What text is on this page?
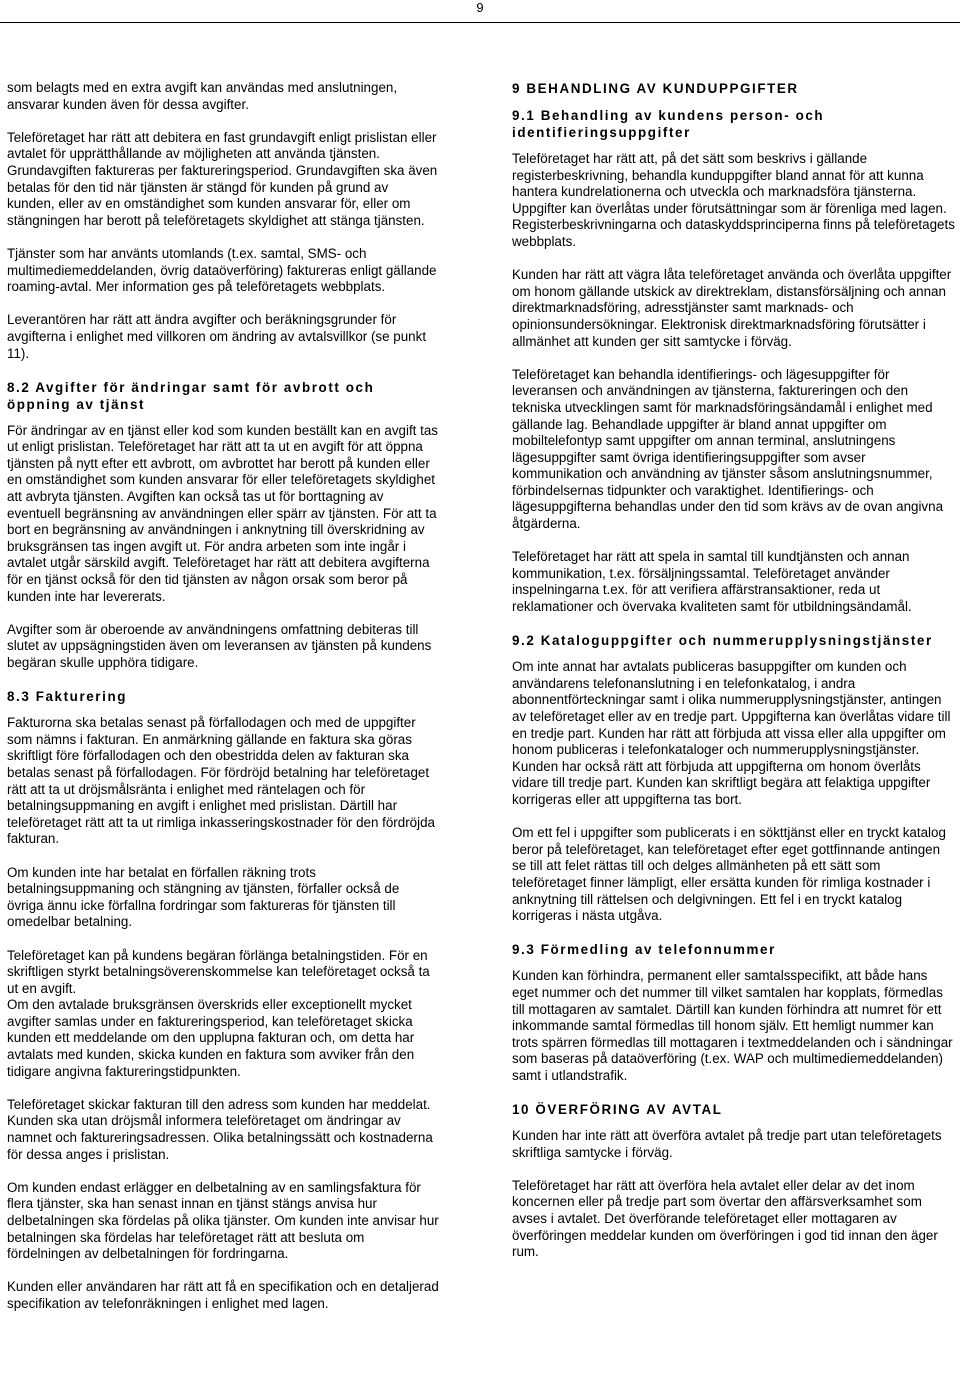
9

som belagts med en extra avgift kan användas med anslutningen, ansvarar kunden även för dessa avgifter.

Teleföretaget har rätt att debitera en fast grundavgift enligt prislistan eller avtalet för upprätthållande av möjligheten att använda tjänsten. Grundavgiften faktureras per faktureringsperiod. Grundavgiften ska även betalas för den tid när tjänsten är stängd för kunden på grund av kunden, eller av en omständighet som kunden ansvarar för, eller om stängningen har berott på teleföretagets skyldighet att stänga tjänsten.

Tjänster som har använts utomlands (t.ex. samtal, SMS- och multimediemeddelanden, övrig dataöverföring) faktureras enligt gällande roaming-avtal. Mer information ges på teleföretagets webbplats.

Leverantören har rätt att ändra avgifter och beräkningsgrunder för avgifterna i enlighet med villkoren om ändring av avtalsvillkor (se punkt 11).

8.2 Avgifter för ändringar samt för avbrott och öppning av tjänst

För ändringar av en tjänst eller kod som kunden beställt kan en avgift tas ut enligt prislistan. Teleföretaget har rätt att ta ut en avgift för att öppna tjänsten på nytt efter ett avbrott, om avbrottet har berott på kunden eller en omständighet som kunden ansvarar för eller teleföretagets skyldighet att avbryta tjänsten. Avgiften kan också tas ut för borttagning av eventuell begränsning av användningen eller spärr av tjänsten. För att ta bort en begränsning av användningen i anknytning till överskridning av bruksgränsen tas ingen avgift ut. För andra arbeten som inte ingår i avtalet utgår särskild avgift. Teleföretaget har rätt att debitera avgifterna för en tjänst också för den tid tjänsten av någon orsak som beror på kunden inte har levererats.

Avgifter som är oberoende av användningens omfattning debiteras till slutet av uppsägningstiden även om leveransen av tjänsten på kundens begäran skulle upphöra tidigare.

8.3 Fakturering

Fakturorna ska betalas senast på förfallodagen och med de uppgifter som nämns i fakturan. En anmärkning gällande en faktura ska göras skriftligt före förfallodagen och den obestridda delen av fakturan ska betalas senast på förfallodagen. För fördröjd betalning har teleföretaget rätt att ta ut dröjsmålsränta i enlighet med räntelagen och för betalningsuppmaning en avgift i enlighet med prislistan. Därtill har teleföretaget rätt att ta ut rimliga inkasseringskostnader för den fördröjda fakturan.

Om kunden inte har betalat en förfallen räkning trots betalningsuppmaning och stängning av tjänsten, förfaller också de övriga ännu icke förfallna fordringar som faktureras för tjänsten till omedelbar betalning.

Teleföretaget kan på kundens begäran förlänga betalningstiden. För en skriftligen styrkt betalningsöverenskommelse kan teleföretaget också ta ut en avgift.

Om den avtalade bruksgränsen överskrids eller exceptionellt mycket avgifter samlas under en faktureringsperiod, kan teleföretaget skicka kunden ett meddelande om den upplupna fakturan och, om detta har avtalats med kunden, skicka kunden en faktura som avviker från den tidigare angivna faktureringstidpunkten.

Teleföretaget skickar fakturan till den adress som kunden har meddelat. Kunden ska utan dröjsmål informera teleföretaget om ändringar av namnet och faktureringsadressen. Olika betalningssätt och kostnaderna för dessa anges i prislistan.

Om kunden endast erlägger en delbetalning av en samlingsfaktura för flera tjänster, ska han senast innan en tjänst stängs anvisa hur delbetalningen ska fördelas på olika tjänster. Om kunden inte anvisar hur betalningen ska fördelas har teleföretaget rätt att besluta om fördelningen av delbetalningen för fordringarna.

Kunden eller användaren har rätt att få en specifikation och en detaljerad specifikation av telefonräkningen i enlighet med lagen.

9 BEHANDLING AV KUNDUPPGIFTER
9.1 Behandling av kundens person- och identifieringsuppgifter

Teleföretaget har rätt att, på det sätt som beskrivs i gällande registerbeskrivning, behandla kunduppgifter bland annat för att kunna hantera kundrelationerna och utveckla och marknadsföra tjänsterna. Uppgifter kan överlåtas under förutsättningar som är förenliga med lagen. Registerbeskrivningarna och dataskyddsprinciperna finns på teleföretagets webbplats.

Kunden har rätt att vägra låta teleföretaget använda och överlåta uppgifter om honom gällande utskick av direktreklam, distansförsäljning och annan direktmarknadsföring, adresstjänster samt marknads- och opinionsundersökningar. Elektronisk direktmarknadsföring förutsätter i allmänhet att kunden ger sitt samtycke i förväg.

Teleföretaget kan behandla identifierings- och lägesuppgifter för leveransen och användningen av tjänsterna, faktureringen och den tekniska utvecklingen samt för marknadsföringsändamål i enlighet med gällande lag. Behandlade uppgifter är bland annat uppgifter om mobiltelefontyp samt uppgifter om annan terminal, anslutningens lägesuppgifter samt övriga identifieringsuppgifter som avser kommunikation och användning av tjänster såsom anslutningsnummer, förbindelsernas tidpunkter och varaktighet. Identifierings- och lägesuppgifterna behandlas under den tid som krävs av de ovan angivna åtgärderna.

Teleföretaget har rätt att spela in samtal till kundtjänsten och annan kommunikation, t.ex. försäljningssamtal. Teleföretaget använder inspelningarna t.ex. för att verifiera affärstransaktioner, reda ut reklamationer och övervaka kvaliteten samt för utbildningsändamål.

9.2 Kataloguppgifter och nummerupplysningstjänster

Om inte annat har avtalats publiceras basuppgifter om kunden och användarens telefonanslutning i en telefonkatalog, i andra abonnentförteckningar samt i olika nummerupplysningstjänster, antingen av teleföretaget eller av en tredje part. Uppgifterna kan överlåtas vidare till en tredje part. Kunden har rätt att förbjuda att vissa eller alla uppgifter om honom publiceras i telefonkataloger och nummerupplysningstjänster. Kunden har också rätt att förbjuda att uppgifterna om honom överlåts vidare till tredje part. Kunden kan skriftligt begära att felaktiga uppgifter korrigeras eller att uppgifterna tas bort.

Om ett fel i uppgifter som publicerats i en sökttjänst eller en tryckt katalog beror på teleföretaget, kan teleföretaget efter eget gottfinnande antingen se till att felet rättas till och delges allmänheten på ett sätt som teleföretaget finner lämpligt, eller ersätta kunden för rimliga kostnader i anknytning till rättelsen och delgivningen. Ett fel i en tryckt katalog korrigeras i nästa utgåva.

9.3 Förmedling av telefonnummer

Kunden kan förhindra, permanent eller samtalsspecifikt, att både hans eget nummer och det nummer till vilket samtalen har kopplats, förmedlas till mottagaren av samtalet. Därtill kan kunden förhindra att numret för ett inkommande samtal förmedlas till honom själv. Ett hemligt nummer kan trots spärren förmedlas till mottagaren i textmeddelanden och i sändningar som baseras på dataöverföring (t.ex. WAP och multimediemeddelanden) samt i utlandstrafik.

10 ÖVERFÖRING AV AVTAL

Kunden har inte rätt att överföra avtalet på tredje part utan teleföretagets skriftliga samtycke i förväg.

Teleföretaget har rätt att överföra hela avtalet eller delar av det inom koncernen eller på tredje part som övertar den affärsverksamhet som avses i avtalet. Det överförande teleföretaget eller mottagaren av överföringen meddelar kunden om överföringen i god tid innan den äger rum.
